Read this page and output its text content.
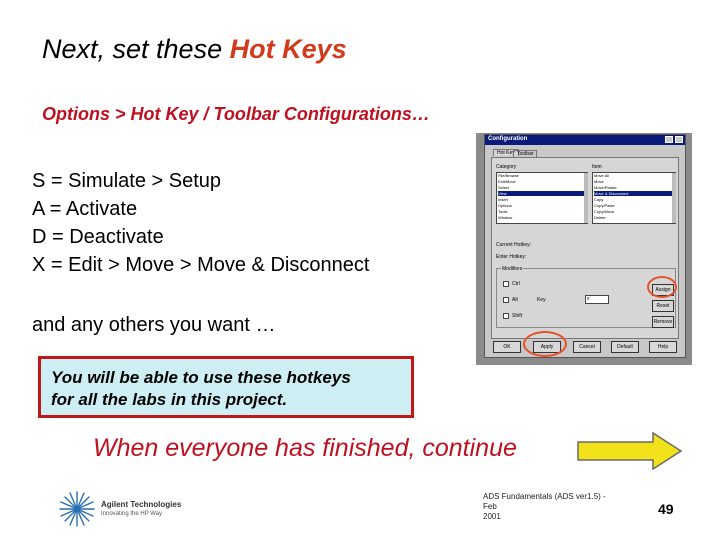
Next, set these Hot Keys
Options > Hot Key / Toolbar Configurations…
S = Simulate > Setup
A = Activate
D = Deactivate
X = Edit > Move > Move & Disconnect
and any others you want …
You will be able to use these hotkeys
for all the labs in this project.
When everyone has finished, continue
Configuration
Hot Key Toolbar
Category	Item
File/Browse
Edit/Move
Select
View
Insert
Options
Tools
Window
Move All
Move
Move/Rotate
Move & Disconnect
Copy
Copy/Paste
Copy/Move
Delete
Current Hotkey:
Enter Hotkey:
Modifiers
Ctrl
Alt
Shift
Key	x
Assign
Reset
Remove
OK	Apply	Cancel	Default	Help
Agilent Technologies
Innovating the HP Way
ADS Fundamentals (ADS ver1.5) - Feb
2001	49
